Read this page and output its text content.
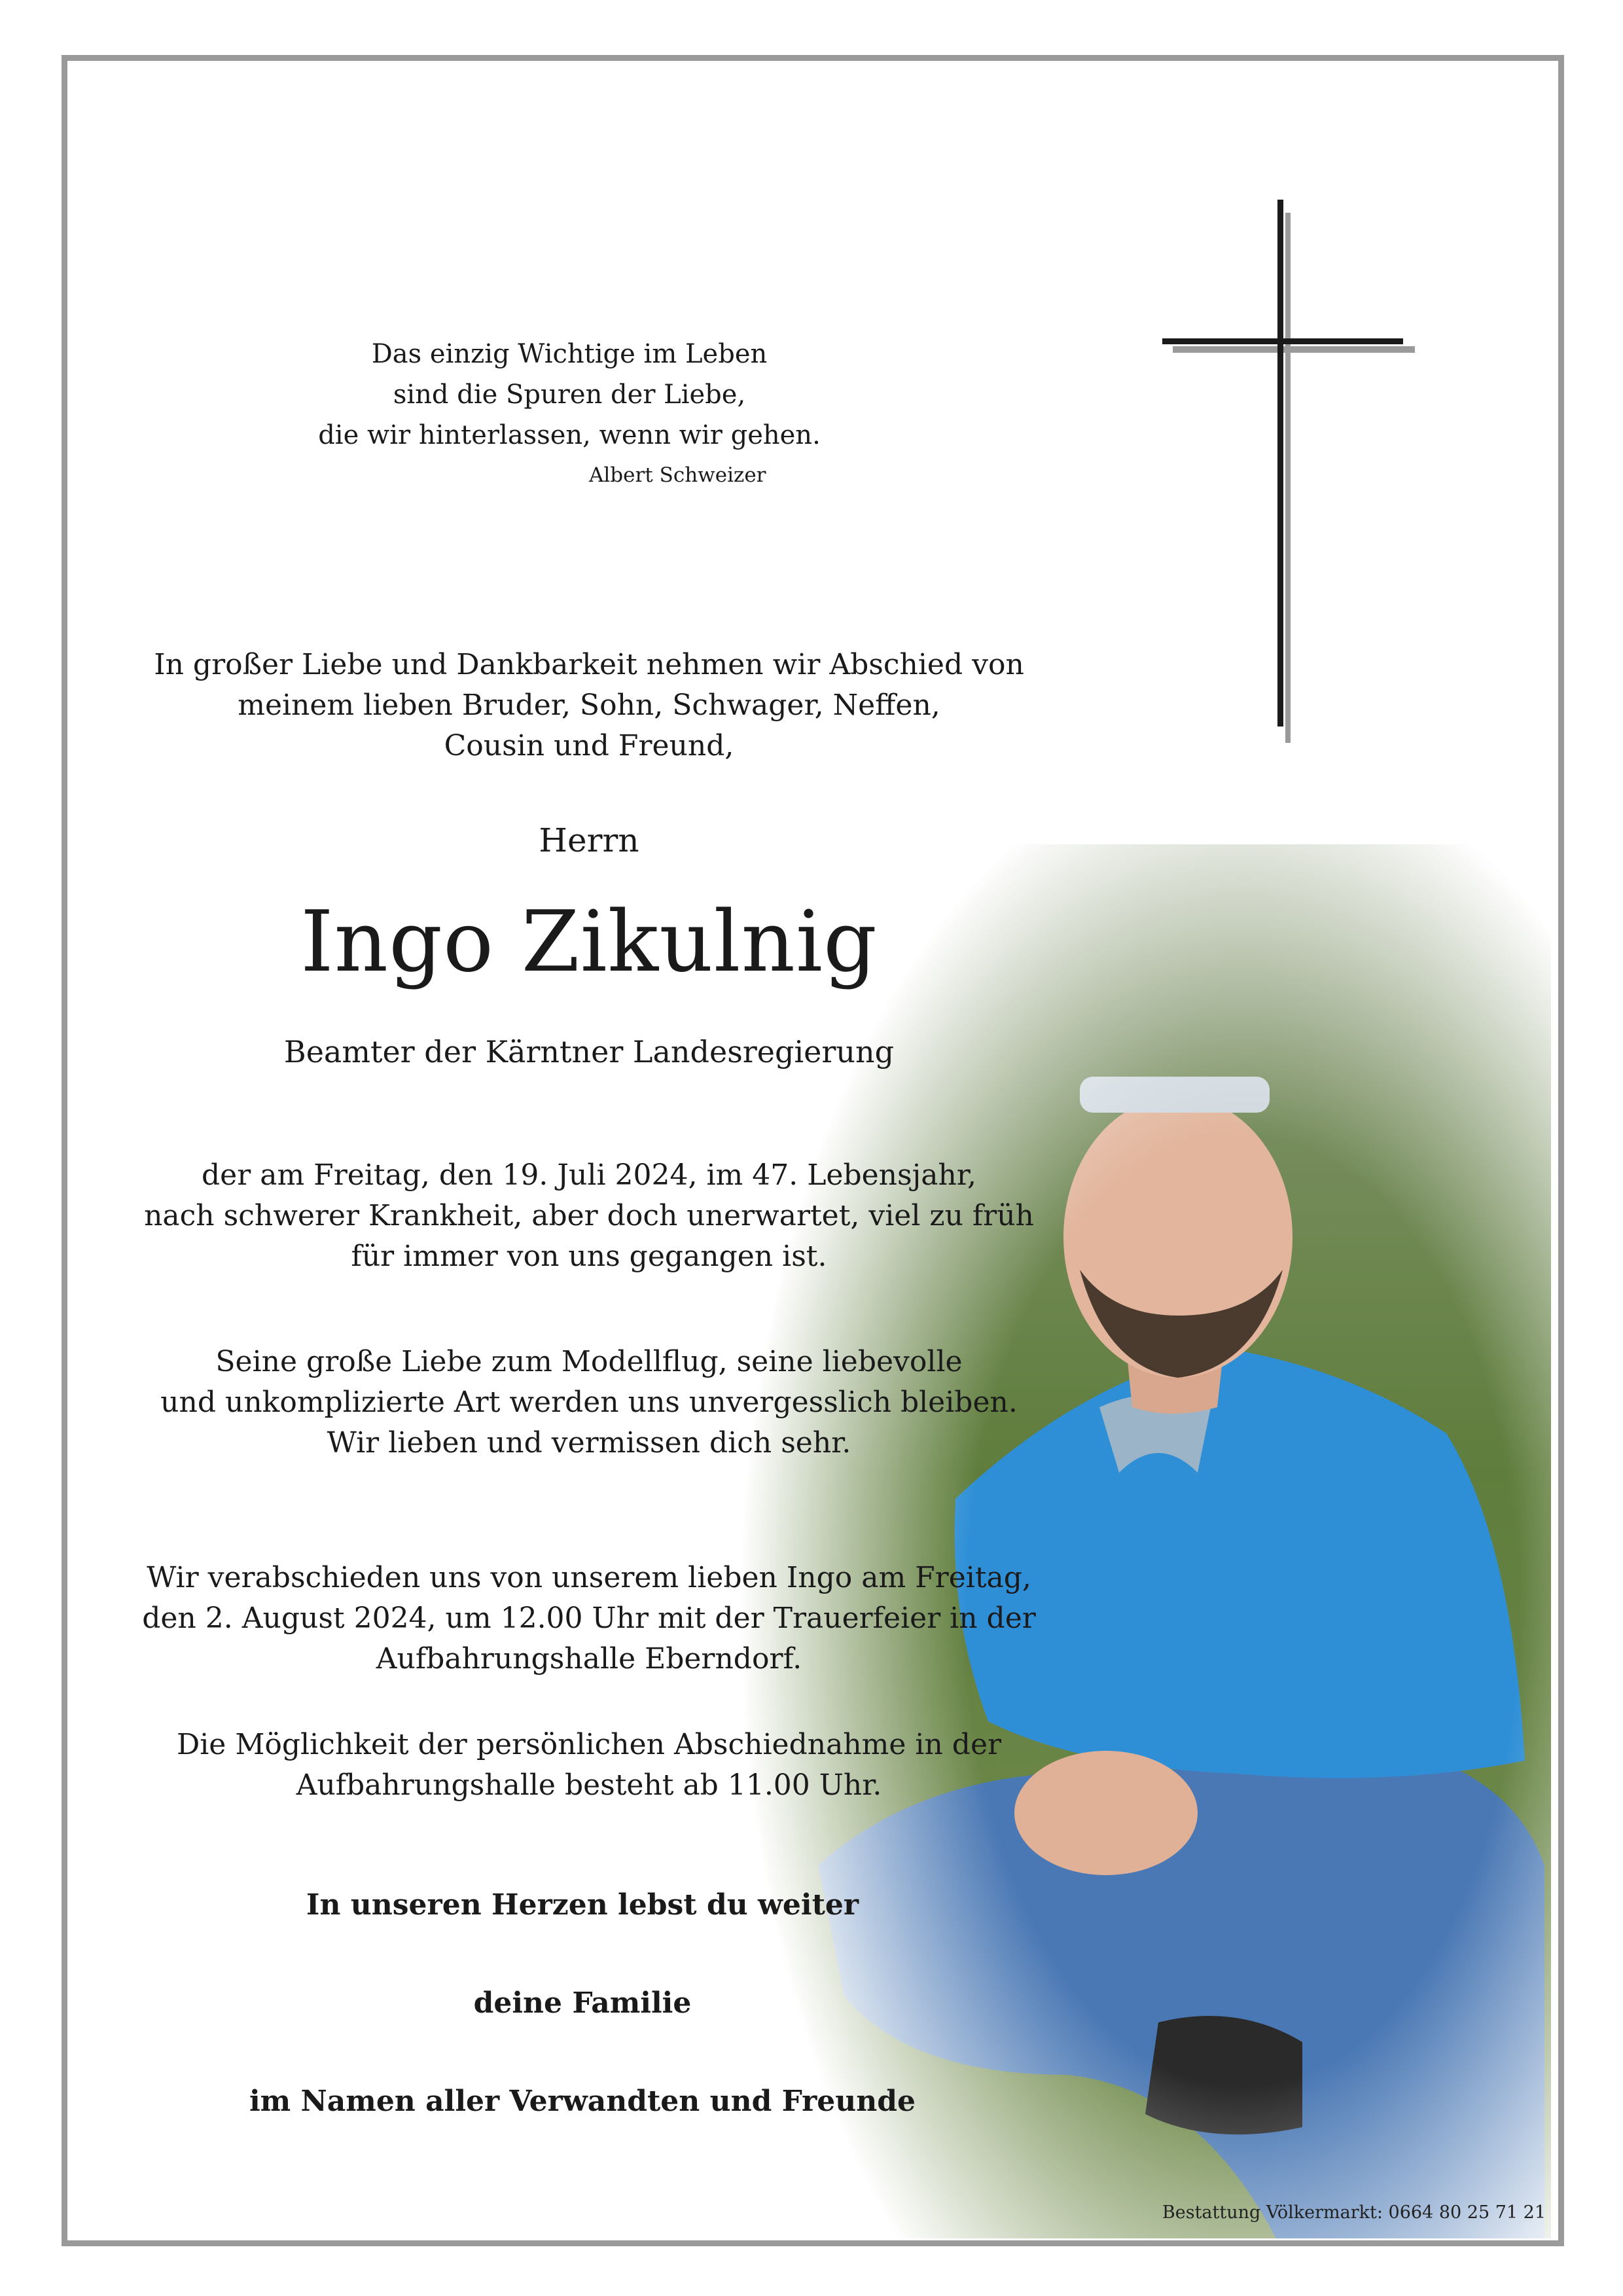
Das einzig Wichtige im Leben
sind die Spuren der Liebe,
die wir hinterlassen, wenn wir gehen.
Albert Schweizer
In großer Liebe und Dankbarkeit nehmen wir Abschied von
meinem lieben Bruder, Sohn, Schwager, Neffen,
Cousin und Freund,
Herrn
Ingo Zikulnig
Beamter der Kärntner Landesregierung
der am Freitag, den 19. Juli 2024, im 47. Lebensjahr,
nach schwerer Krankheit, aber doch unerwartet, viel zu früh
für immer von uns gegangen ist.
Seine große Liebe zum Modellflug, seine liebevolle
und unkomplizierte Art werden uns unvergesslich bleiben.
Wir lieben und vermissen dich sehr.
Wir verabschieden uns von unserem lieben Ingo am Freitag,
den 2. August 2024, um 12.00 Uhr mit der Trauerfeier in der
Aufbahrungshalle Eberndorf.
Die Möglichkeit der persönlichen Abschiednahme in der
Aufbahrungshalle besteht ab 11.00 Uhr.
In unseren Herzen lebst du weiter
deine Familie
im Namen aller Verwandten und Freunde
Bestattung Völkermarkt: 0664 80 25 71 21
